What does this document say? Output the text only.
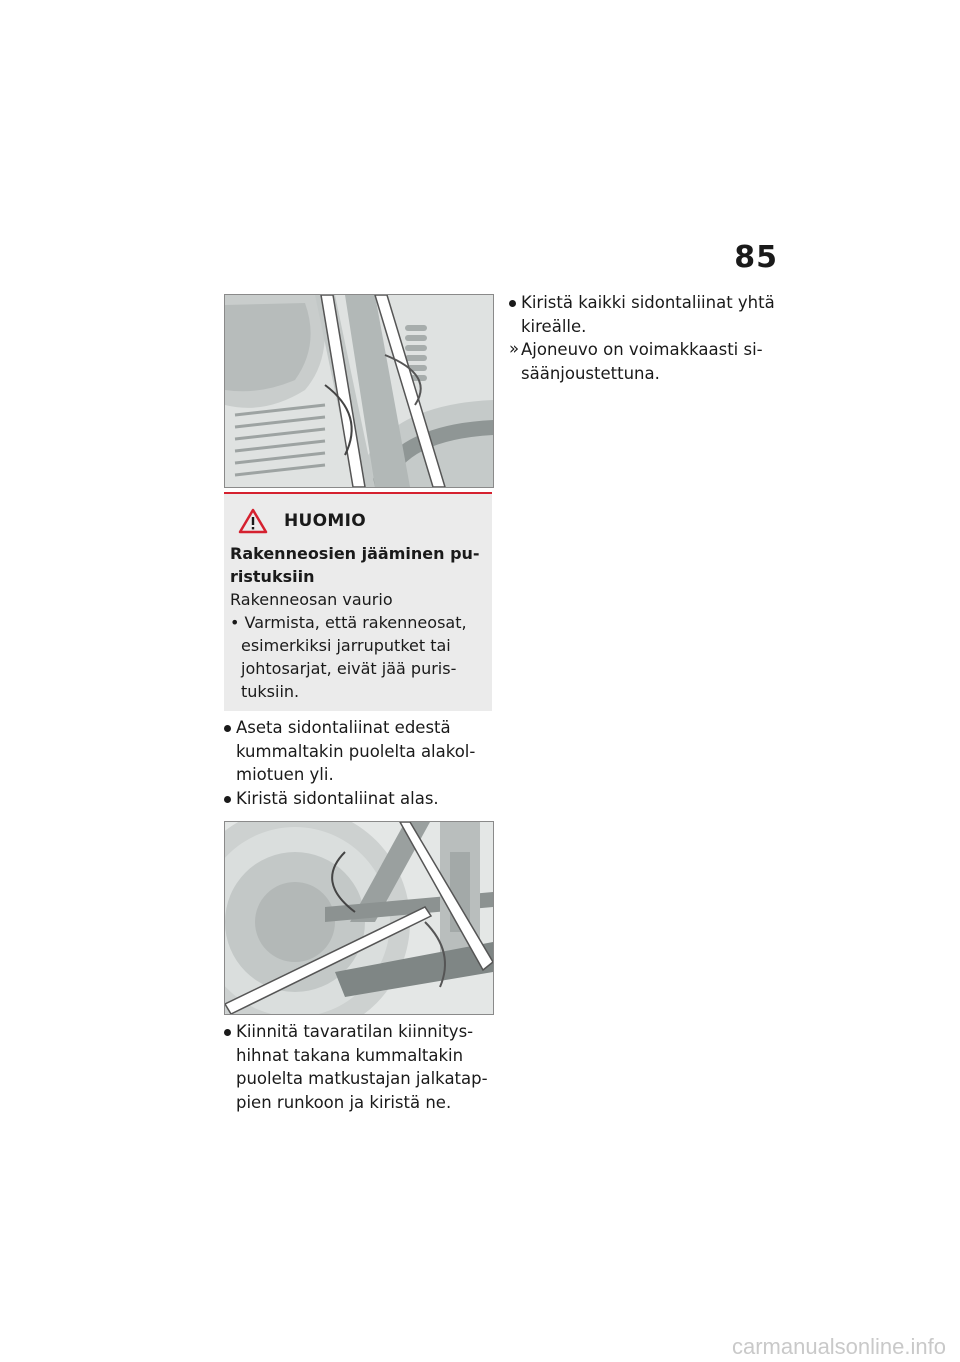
85
HUOMIO
Rakenneosien jääminen pu-
ristuksiin
Rakenneosan vaurio
• Varmista, että rakenneosat,
esimerkiksi jarruputket tai
johtosarjat, eivät jää puris-
tuksiin.
Aseta sidontaliinat edestä
kummaltakin puolelta alakol-
miotuen yli.
Kiristä sidontaliinat alas.
Kiinnitä tavaratilan kiinnitys-
hihnat takana kummaltakin
puolelta matkustajan jalkatap-
pien runkoon ja kiristä ne.
Kiristä kaikki sidontaliinat yhtä
kireälle.
» Ajoneuvo on voimakkaasti si-
säänjoustettuna.
carmanualsonline.info
